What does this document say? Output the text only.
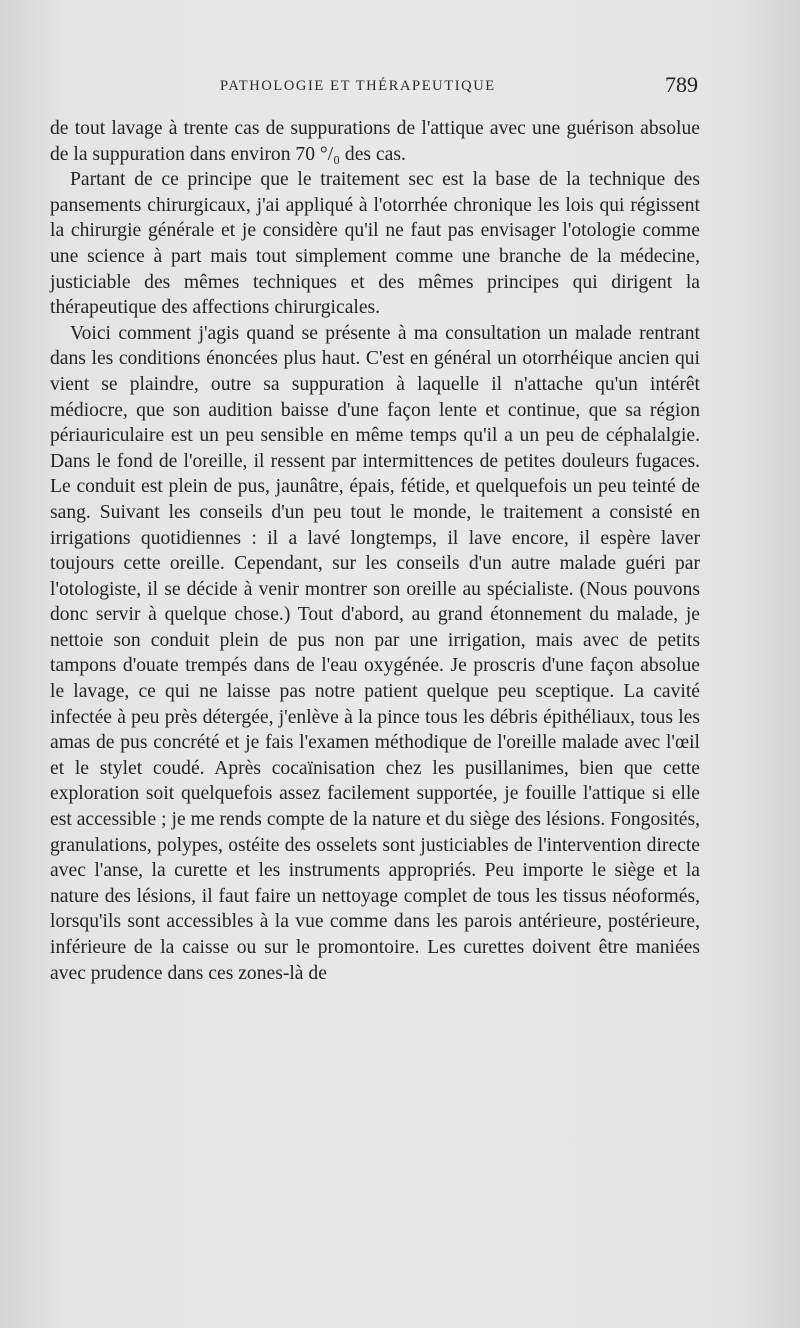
PATHOLOGIE ET THÉRAPEUTIQUE	789

de tout lavage à trente cas de suppurations de l'attique avec une guérison absolue de la suppuration dans environ 70 °/₀ des cas.

Partant de ce principe que le traitement sec est la base de la technique des pansements chirurgicaux, j'ai appliqué à l'otorrhée chronique les lois qui régissent la chirurgie générale et je considère qu'il ne faut pas envisager l'otologie comme une science à part mais tout simplement comme une branche de la médecine, justiciable des mêmes techniques et des mêmes principes qui dirigent la thérapeutique des affections chirurgicales.

Voici comment j'agis quand se présente à ma consultation un malade rentrant dans les conditions énoncées plus haut. C'est en général un otorrhéique ancien qui vient se plaindre, outre sa suppuration à laquelle il n'attache qu'un intérêt médiocre, que son audition baisse d'une façon lente et continue, que sa région périauriculaire est un peu sensible en même temps qu'il a un peu de céphalalgie. Dans le fond de l'oreille, il ressent par intermittences de petites douleurs fugaces. Le conduit est plein de pus, jaunâtre, épais, fétide, et quelquefois un peu teinté de sang. Suivant les conseils d'un peu tout le monde, le traitement a consisté en irrigations quotidiennes : il a lavé longtemps, il lave encore, il espère laver toujours cette oreille. Cependant, sur les conseils d'un autre malade guéri par l'otologiste, il se décide à venir montrer son oreille au spécialiste. (Nous pouvons donc servir à quelque chose.) Tout d'abord, au grand étonnement du malade, je nettoie son conduit plein de pus non par une irrigation, mais avec de petits tampons d'ouate trempés dans de l'eau oxygénée. Je proscris d'une façon absolue le lavage, ce qui ne laisse pas notre patient quelque peu sceptique. La cavité infectée à peu près détergée, j'enlève à la pince tous les débris épithéliaux, tous les amas de pus concrété et je fais l'examen méthodique de l'oreille malade avec l'œil et le stylet coudé. Après cocaïnisation chez les pusillanimes, bien que cette exploration soit quelquefois assez facilement supportée, je fouille l'attique si elle est accessible ; je me rends compte de la nature et du siège des lésions. Fongosités, granulations, polypes, ostéite des osselets sont justiciables de l'intervention directe avec l'anse, la curette et les instruments appropriés. Peu importe le siège et la nature des lésions, il faut faire un nettoyage complet de tous les tissus néoformés, lorsqu'ils sont accessibles à la vue comme dans les parois antérieure, postérieure, inférieure de la caisse ou sur le promontoire. Les curettes doivent être maniées avec prudence dans ces zones-là de
